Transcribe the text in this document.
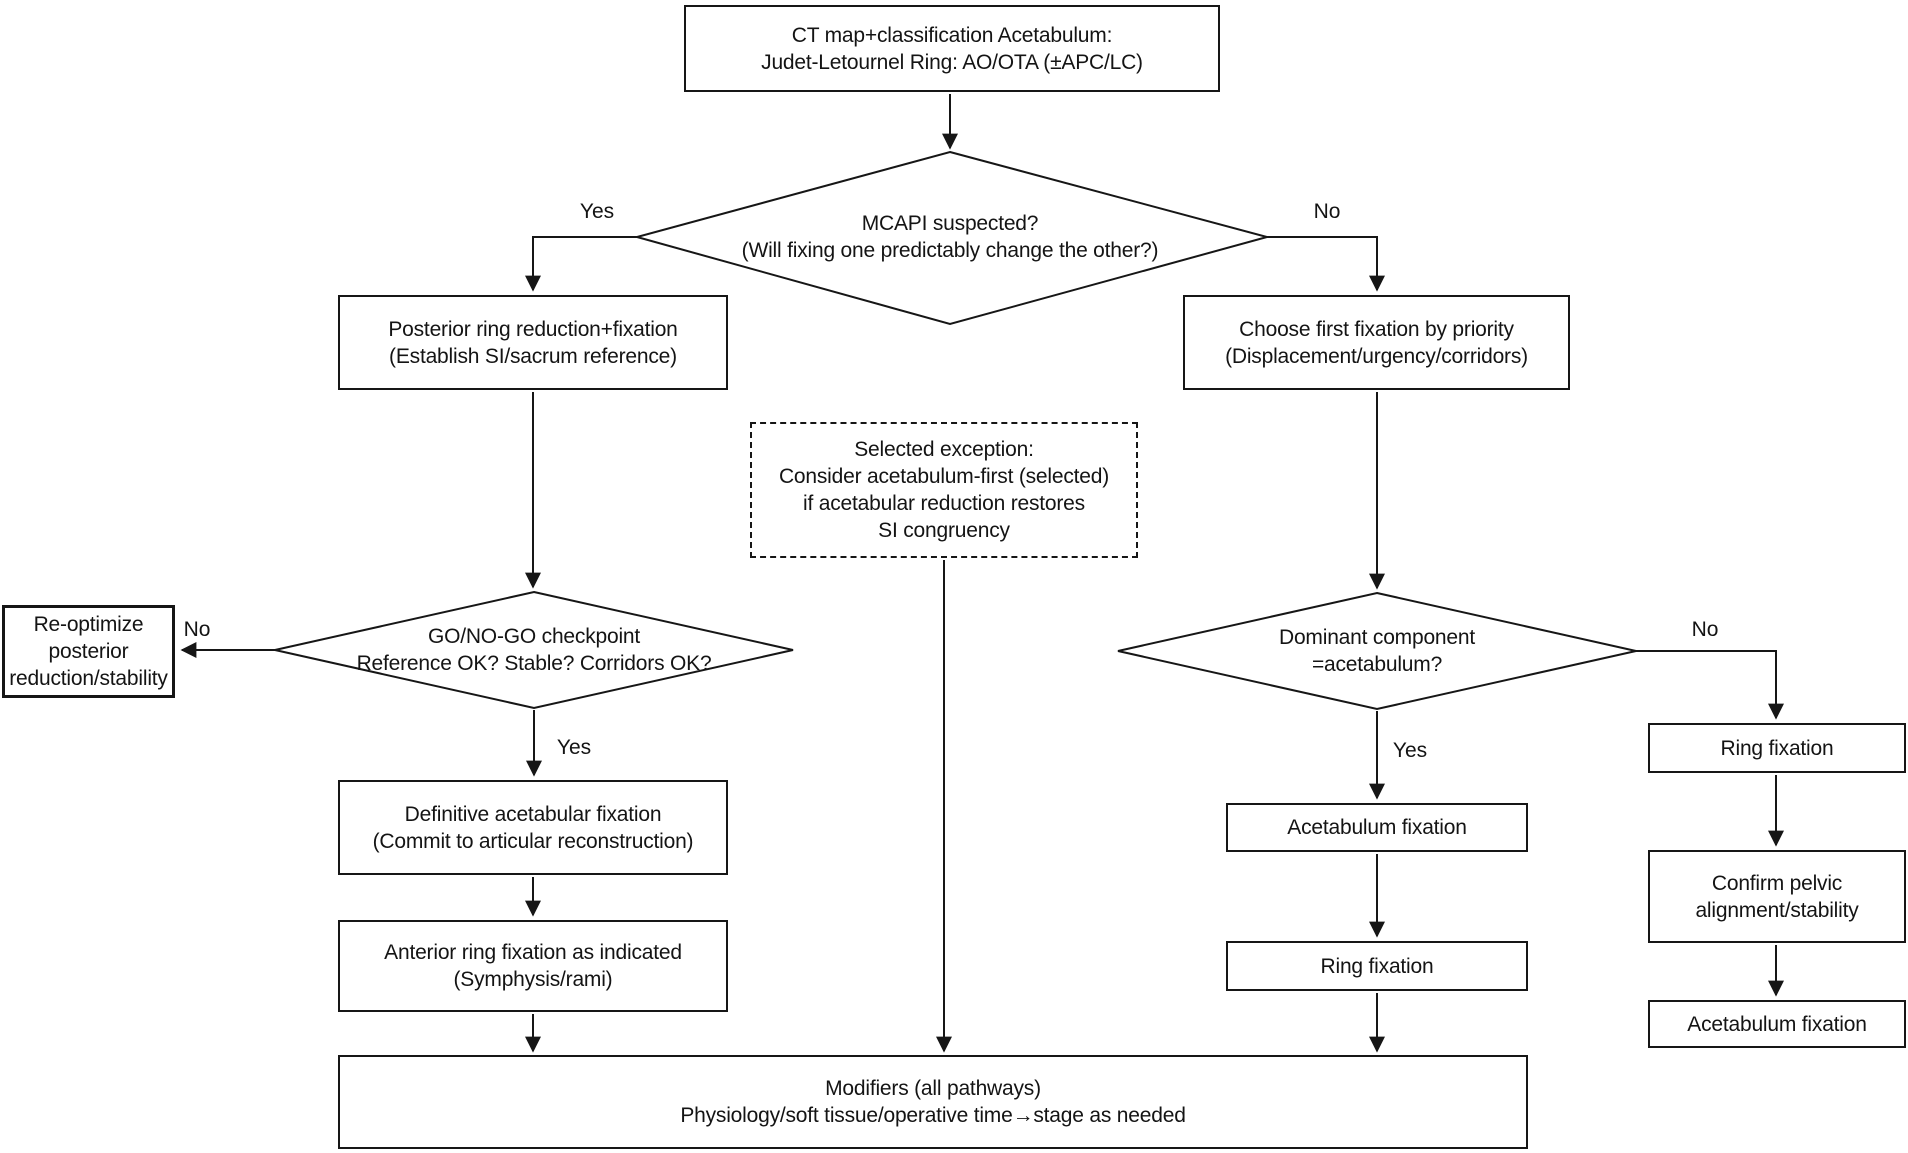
CT map+classification Acetabulum:
Judet-Letournel Ring: AO/OTA (±APC/LC)
Posterior ring reduction+fixation
(Establish SI/sacrum reference)
Choose first fixation by priority
(Displacement/urgency/corridors)
Selected exception:
Consider acetabulum-first (selected)
if acetabular reduction restores
SI congruency
Re-optimize posterior
reduction/stability
Definitive acetabular fixation
(Commit to articular reconstruction)
Anterior ring fixation as indicated
(Symphysis/rami)
Acetabulum fixation
Ring fixation
Ring fixation
Confirm pelvic
alignment/stability
Acetabulum fixation
Modifiers (all pathways)
Physiology/soft tissue/operative time→stage as needed
MCAPI suspected?
(Will fixing one predictably change the other?)
GO/NO-GO checkpoint
Reference OK? Stable? Corridors OK?
Dominant component
=acetabulum?
Yes	No
No
Yes	Yes
No
